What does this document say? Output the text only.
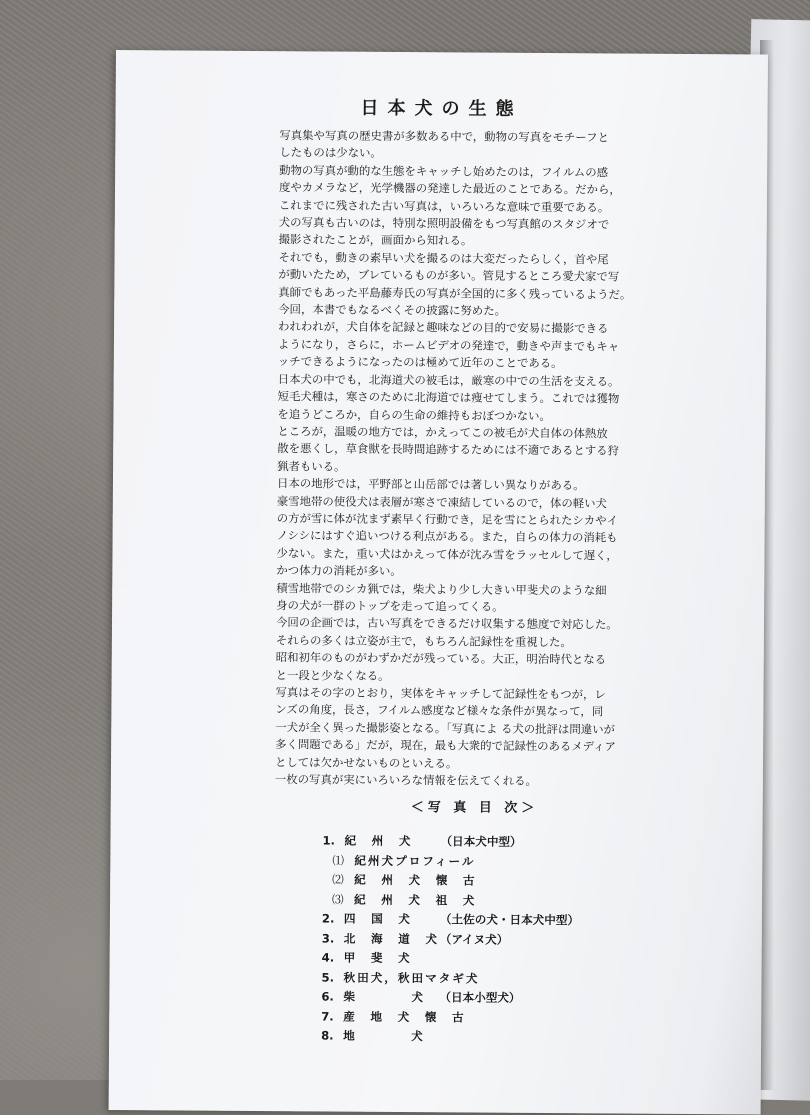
日本犬の生態

写真集や写真の歴史書が多数ある中で，動物の写真をモチーフと

したものは少ない。

動物の写真が動的な生態をキャッチし始めたのは，フイルムの感

度やカメラなど，光学機器の発達した最近のことである。だから，

これまでに残された古い写真は，いろいろな意味で重要である。

犬の写真も古いのは，特別な照明設備をもつ写真館のスタジオで

撮影されたことが，画面から知れる。

それでも，動きの素早い犬を撮るのは大変だったらしく，首や尾

が動いたため，ブレているものが多い。管見するところ愛犬家で写

真師でもあった平島藤寿氏の写真が全国的に多く残っているようだ。

今回，本書でもなるべくその披露に努めた。

われわれが，犬自体を記録と趣味などの目的で安易に撮影できる

ようになり，さらに，ホームビデオの発達で，動きや声までもキャ

ッチできるようになったのは極めて近年のことである。

日本犬の中でも，北海道犬の被毛は，厳寒の中での生活を支える。

短毛犬種は，寒さのために北海道では痩せてしまう。これでは獲物

を追うどころか，自らの生命の維持もおぼつかない。

ところが，温暖の地方では，かえってこの被毛が犬自体の体熱放

散を悪くし，草食獣を長時間追跡するためには不適であるとする狩

猟者もいる。

日本の地形では，平野部と山岳部では著しい異なりがある。

豪雪地帯の使役犬は表層が寒さで凍結しているので，体の軽い犬

の方が雪に体が沈まず素早く行動でき，足を雪にとられたシカやイ

ノシシにはすぐ追いつける利点がある。また，自らの体力の消耗も

少ない。また，重い犬はかえって体が沈み雪をラッセルして遅く，

かつ体力の消耗が多い。

積雪地帯でのシカ猟では，柴犬より少し大きい甲斐犬のような細

身の犬が一群のトップを走って追ってくる。

今回の企画では，古い写真をできるだけ収集する態度で対応した。

それらの多くは立姿が主で，もちろん記録性を重視した。

昭和初年のものがわずかだが残っている。大正，明治時代となる

と一段と少なくなる。

写真はその字のとおり，実体をキャッチして記録性をもつが，レ

ンズの角度，長さ，フイルム感度など様々な条件が異なって，同

一犬が全く異った撮影姿となる。「写真によ る犬の批評は問違いが

多く問題である」だが，現在，最も大衆的で記録性のあるメディア

としては欠かせないものといえる。

一枚の写真が実にいろいろな情報を伝えてくれる。

＜写 真 目 次＞
1. 紀　州　犬 （日本犬中型）
⑴ 紀州犬プロフィール
⑵ 紀　州　犬　懐　古
⑶ 紀　州　犬　祖　犬
2. 四　国　犬 （土佐の犬・日本犬中型）
3. 北　海　道　犬 （アイヌ犬）
4. 甲　斐　犬
5. 秋田犬，秋田マタギ犬
6. 柴　　　　犬 （日本小型犬）
7. 産　地　犬　懐　古
8. 地　　　　犬
